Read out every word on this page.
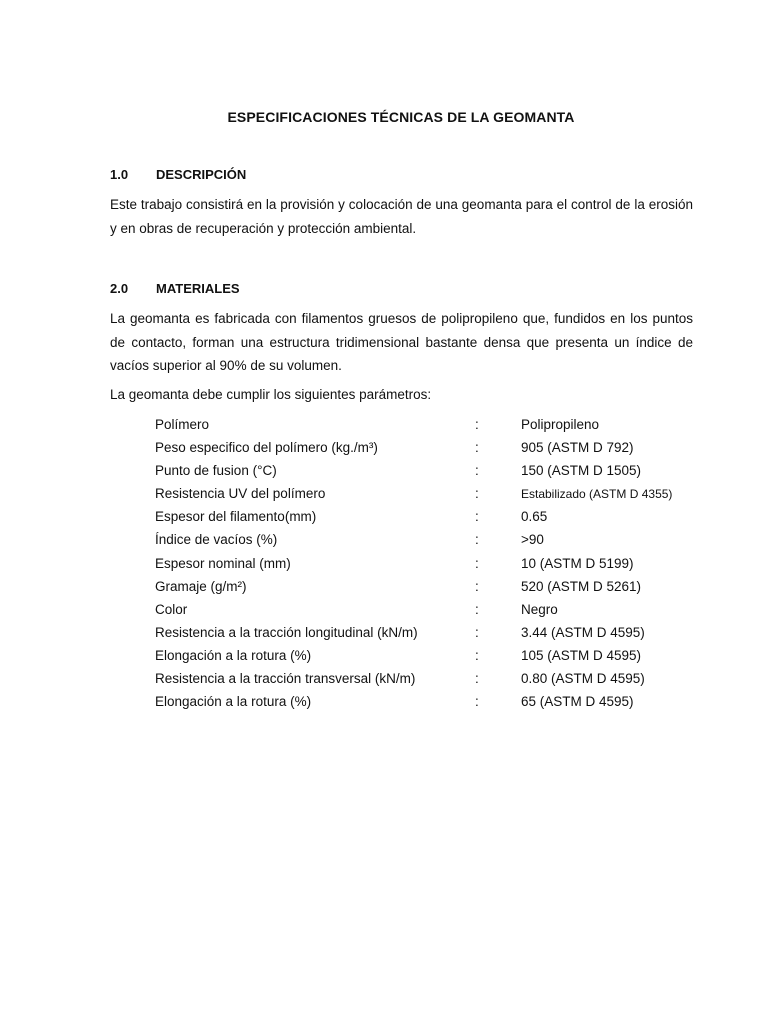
ESPECIFICACIONES TÉCNICAS DE LA GEOMANTA
1.0 DESCRIPCIÓN
Este trabajo consistirá en la provisión y colocación de una geomanta para el control de la erosión y en obras de recuperación y protección ambiental.
2.0 MATERIALES
La geomanta es fabricada con filamentos gruesos de polipropileno que, fundidos en los puntos de contacto, forman una estructura tridimensional bastante densa que presenta un índice de vacíos superior al 90% de su volumen.
La geomanta debe cumplir los siguientes parámetros:
Polímero	:	Polipropileno
Peso especifico del polímero (kg./m³)	:	905 (ASTM D 792)
Punto de fusion (°C)	:	150 (ASTM D 1505)
Resistencia UV del polímero	:	Estabilizado (ASTM D 4355)
Espesor del filamento(mm)	:	0.65
Índice de vacíos (%)	:	>90
Espesor nominal (mm)	:	10 (ASTM D 5199)
Gramaje (g/m²)	:	520 (ASTM D 5261)
Color	:	Negro
Resistencia a la tracción longitudinal (kN/m)	:	3.44 (ASTM D 4595)
Elongación a la rotura (%)	:	105 (ASTM D 4595)
Resistencia a la tracción transversal (kN/m)	:	0.80 (ASTM D 4595)
Elongación a la rotura (%)	:	65 (ASTM D 4595)
